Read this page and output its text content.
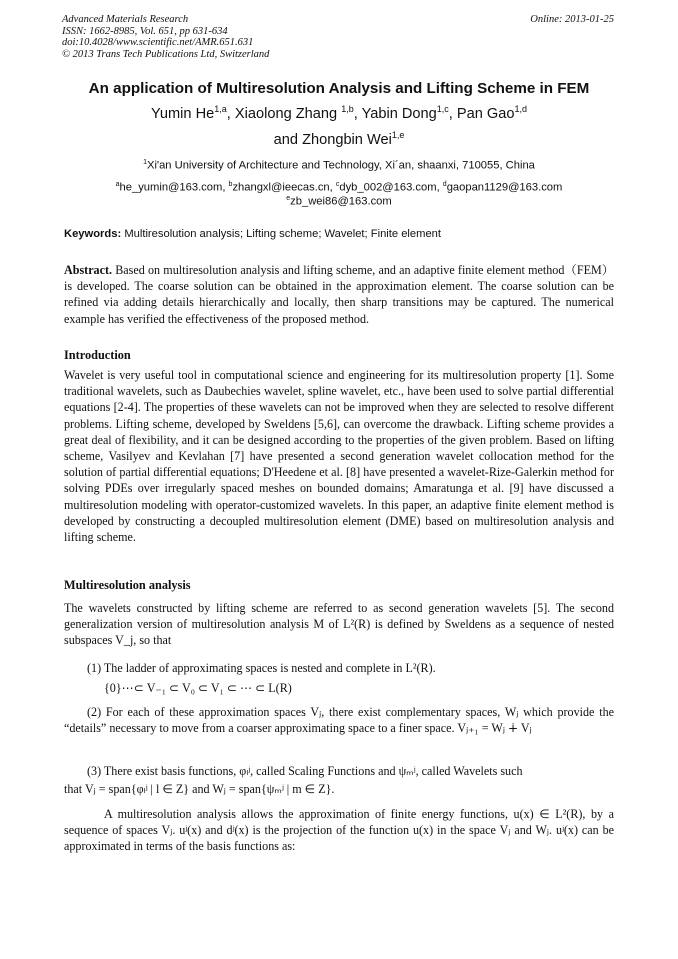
Advanced Materials Research
ISSN: 1662-8985, Vol. 651, pp 631-634
doi:10.4028/www.scientific.net/AMR.651.631
© 2013 Trans Tech Publications Ltd, Switzerland
Online: 2013-01-25
An application of Multiresolution Analysis and Lifting Scheme in FEM
Yumin He$^{1,a}$, Xiaolong Zhang $^{1,b}$, Yabin Dong$^{1,c}$, Pan Gao$^{1,d}$
and Zhongbin Wei$^{1,e}$
$^1$Xi'an University of Architecture and Technology, Xi´an, shaanxi, 710055, China
$^a$he_yumin@163.com, $^b$zhangxl@ieecas.cn, $^c$dyb_002@163.com, $^d$gaopan1129@163.com
$^e$zb_wei86@163.com
Keywords: Multiresolution analysis; Lifting scheme; Wavelet; Finite element
Abstract. Based on multiresolution analysis and lifting scheme, and an adaptive finite element method（FEM）is developed. The coarse solution can be obtained in the approximation element. The coarse solution can be refined via adding details hierarchically and locally, then sharp transitions may be captured. The numerical example has verified the effectiveness of the proposed method.
Introduction
Wavelet is very useful tool in computational science and engineering for its multiresolution property [1]. Some traditional wavelets, such as Daubechies wavelet, spline wavelet, etc., have been used to solve partial differential equations [2-4]. The properties of these wavelets can not be improved when they are selected to resolve different problems. Lifting scheme, developed by Sweldens [5,6], can overcome the drawback. Lifting scheme provides a great deal of flexibility, and it can be designed according to the properties of the given problem. Based on lifting scheme, Vasilyev and Kevlahan [7] have presented a second generation wavelet collocation method for the solution of partial differential equations; D'Heedene et al. [8] have presented a wavelet-Rize-Galerkin method for solving PDEs over irregularly spaced meshes on bounded domains; Amaratunga et al. [9] have discussed a multiresolution modeling with operator-customized wavelets. In this paper, an adaptive finite element method is developed by constructing a decoupled multiresolution element (DME) based on multiresolution analysis and lifting scheme.
Multiresolution analysis
The wavelets constructed by lifting scheme are referred to as second generation wavelets [5]. The second generalization version of multiresolution analysis M of L²(R) is defined by Sweldens as a sequence of nested subspaces V_j, so that
(1) The ladder of approximating spaces is nested and complete in L²(R).
{0}⋯⊂ V₋₁ ⊂ V₀ ⊂ V₁ ⊂ ⋯ ⊂ L(R)
(2) For each of these approximation spaces Vⱼ, there exist complementary spaces, Wⱼ which provide the “details” necessary to move from a coarser approximating space to a finer space. Vⱼ₊₁ = Wⱼ ∔ Vⱼ
(3) There exist basis functions, φₗʲ, called Scaling Functions and ψₘʲ, called Wavelets such
that Vⱼ = span{φₗʲ | l ∈ Z} and Wⱼ = span{ψₘʲ | m ∈ Z}.
A multiresolution analysis allows the approximation of finite energy functions, u(x) ∈ L²(R), by a sequence of spaces Vⱼ. uʲ(x) and dʲ(x) is the projection of the function u(x) in the space Vⱼ and Wⱼ. uʲ(x) can be approximated in terms of the basis functions as:
